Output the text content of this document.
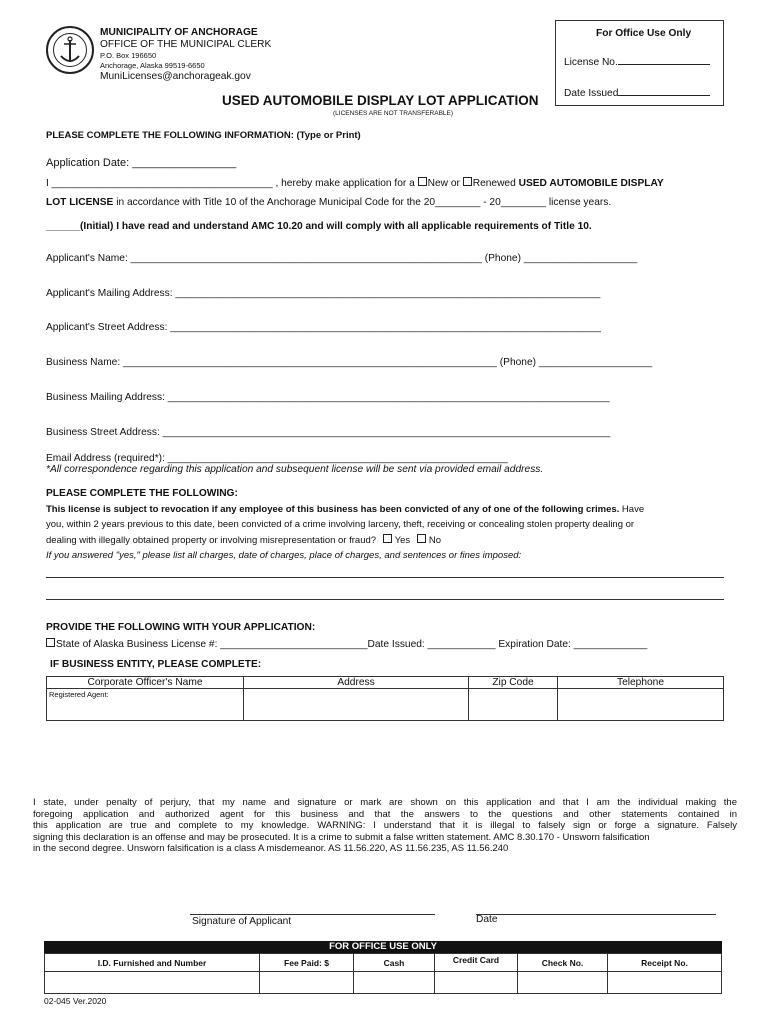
MUNICIPALITY OF ANCHORAGE
OFFICE OF THE MUNICIPAL CLERK
P.O. Box 196650
Anchorage, Alaska 99519-6650
MuniLicenses@anchorageak.gov
USED AUTOMOBILE DISPLAY LOT APPLICATION
(LICENSES ARE NOT TRANSFERABLE)
For Office Use Only
License No.
Date Issued
PLEASE COMPLETE THE FOLLOWING INFORMATION: (Type or Print)
Application Date: _________________
I _______________________________________ , hereby make application for a New or Renewed USED AUTOMOBILE DISPLAY
LOT LICENSE in accordance with Title 10 of the Anchorage Municipal Code for the 20________ - 20________ license years.
______(Initial) I have read and understand AMC 10.20 and will comply with all applicable requirements of Title 10.
Applicant's Name: ______________________________________________________________ (Phone) ____________________
Applicant's Mailing Address: ___________________________________________________________________________
Applicant's Street Address: ____________________________________________________________________________
Business Name: __________________________________________________________________ (Phone) ____________________
Business Mailing Address: ______________________________________________________________________________
Business Street Address: _______________________________________________________________________________
Email Address (required*): ____________________________________________________________
*All correspondence regarding this application and subsequent license will be sent via provided email address.
PLEASE COMPLETE THE FOLLOWING:
This license is subject to revocation if any employee of this business has been convicted of any of one of the following crimes. Have
you, within 2 years previous to this date, been convicted of a crime involving larceny, theft, receiving or concealing stolen property dealing or
dealing with illegally obtained property or involving misrepresentation or fraud? Yes No
If you answered "yes," please list all charges, date of charges, place of charges, and sentences or fines imposed:
PROVIDE THE FOLLOWING WITH YOUR APPLICATION:
State of Alaska Business License #: __________________________Date Issued: ____________ Expiration Date: _____________
IF BUSINESS ENTITY, PLEASE COMPLETE:
Corporate Officer's Name	Address	Zip Code	Telephone
Registered Agent:			
I state, under penalty of perjury, that my name and signature or mark are shown on this application and that I am the individual making the
foregoing application and authorized agent for this business and that the answers to the questions and other statements contained in
this application are true and complete to my knowledge. WARNING: I understand that it is illegal to falsely sign or forge a signature. Falsely
signing this declaration is an offense and may be prosecuted. It is a crime to submit a false written statement. AMC 8.30.170 - Unsworn falsification
in the second degree. Unsworn falsification is a class A misdemeanor. AS 11.56.220, AS 11.56.235, AS 11.56.240
Signature of Applicant	Date
FOR OFFICE USE ONLY
I.D. Furnished and Number	Fee Paid: $	Cash	Credit Card	Check No.	Receipt No.

02-045 Ver.2020
